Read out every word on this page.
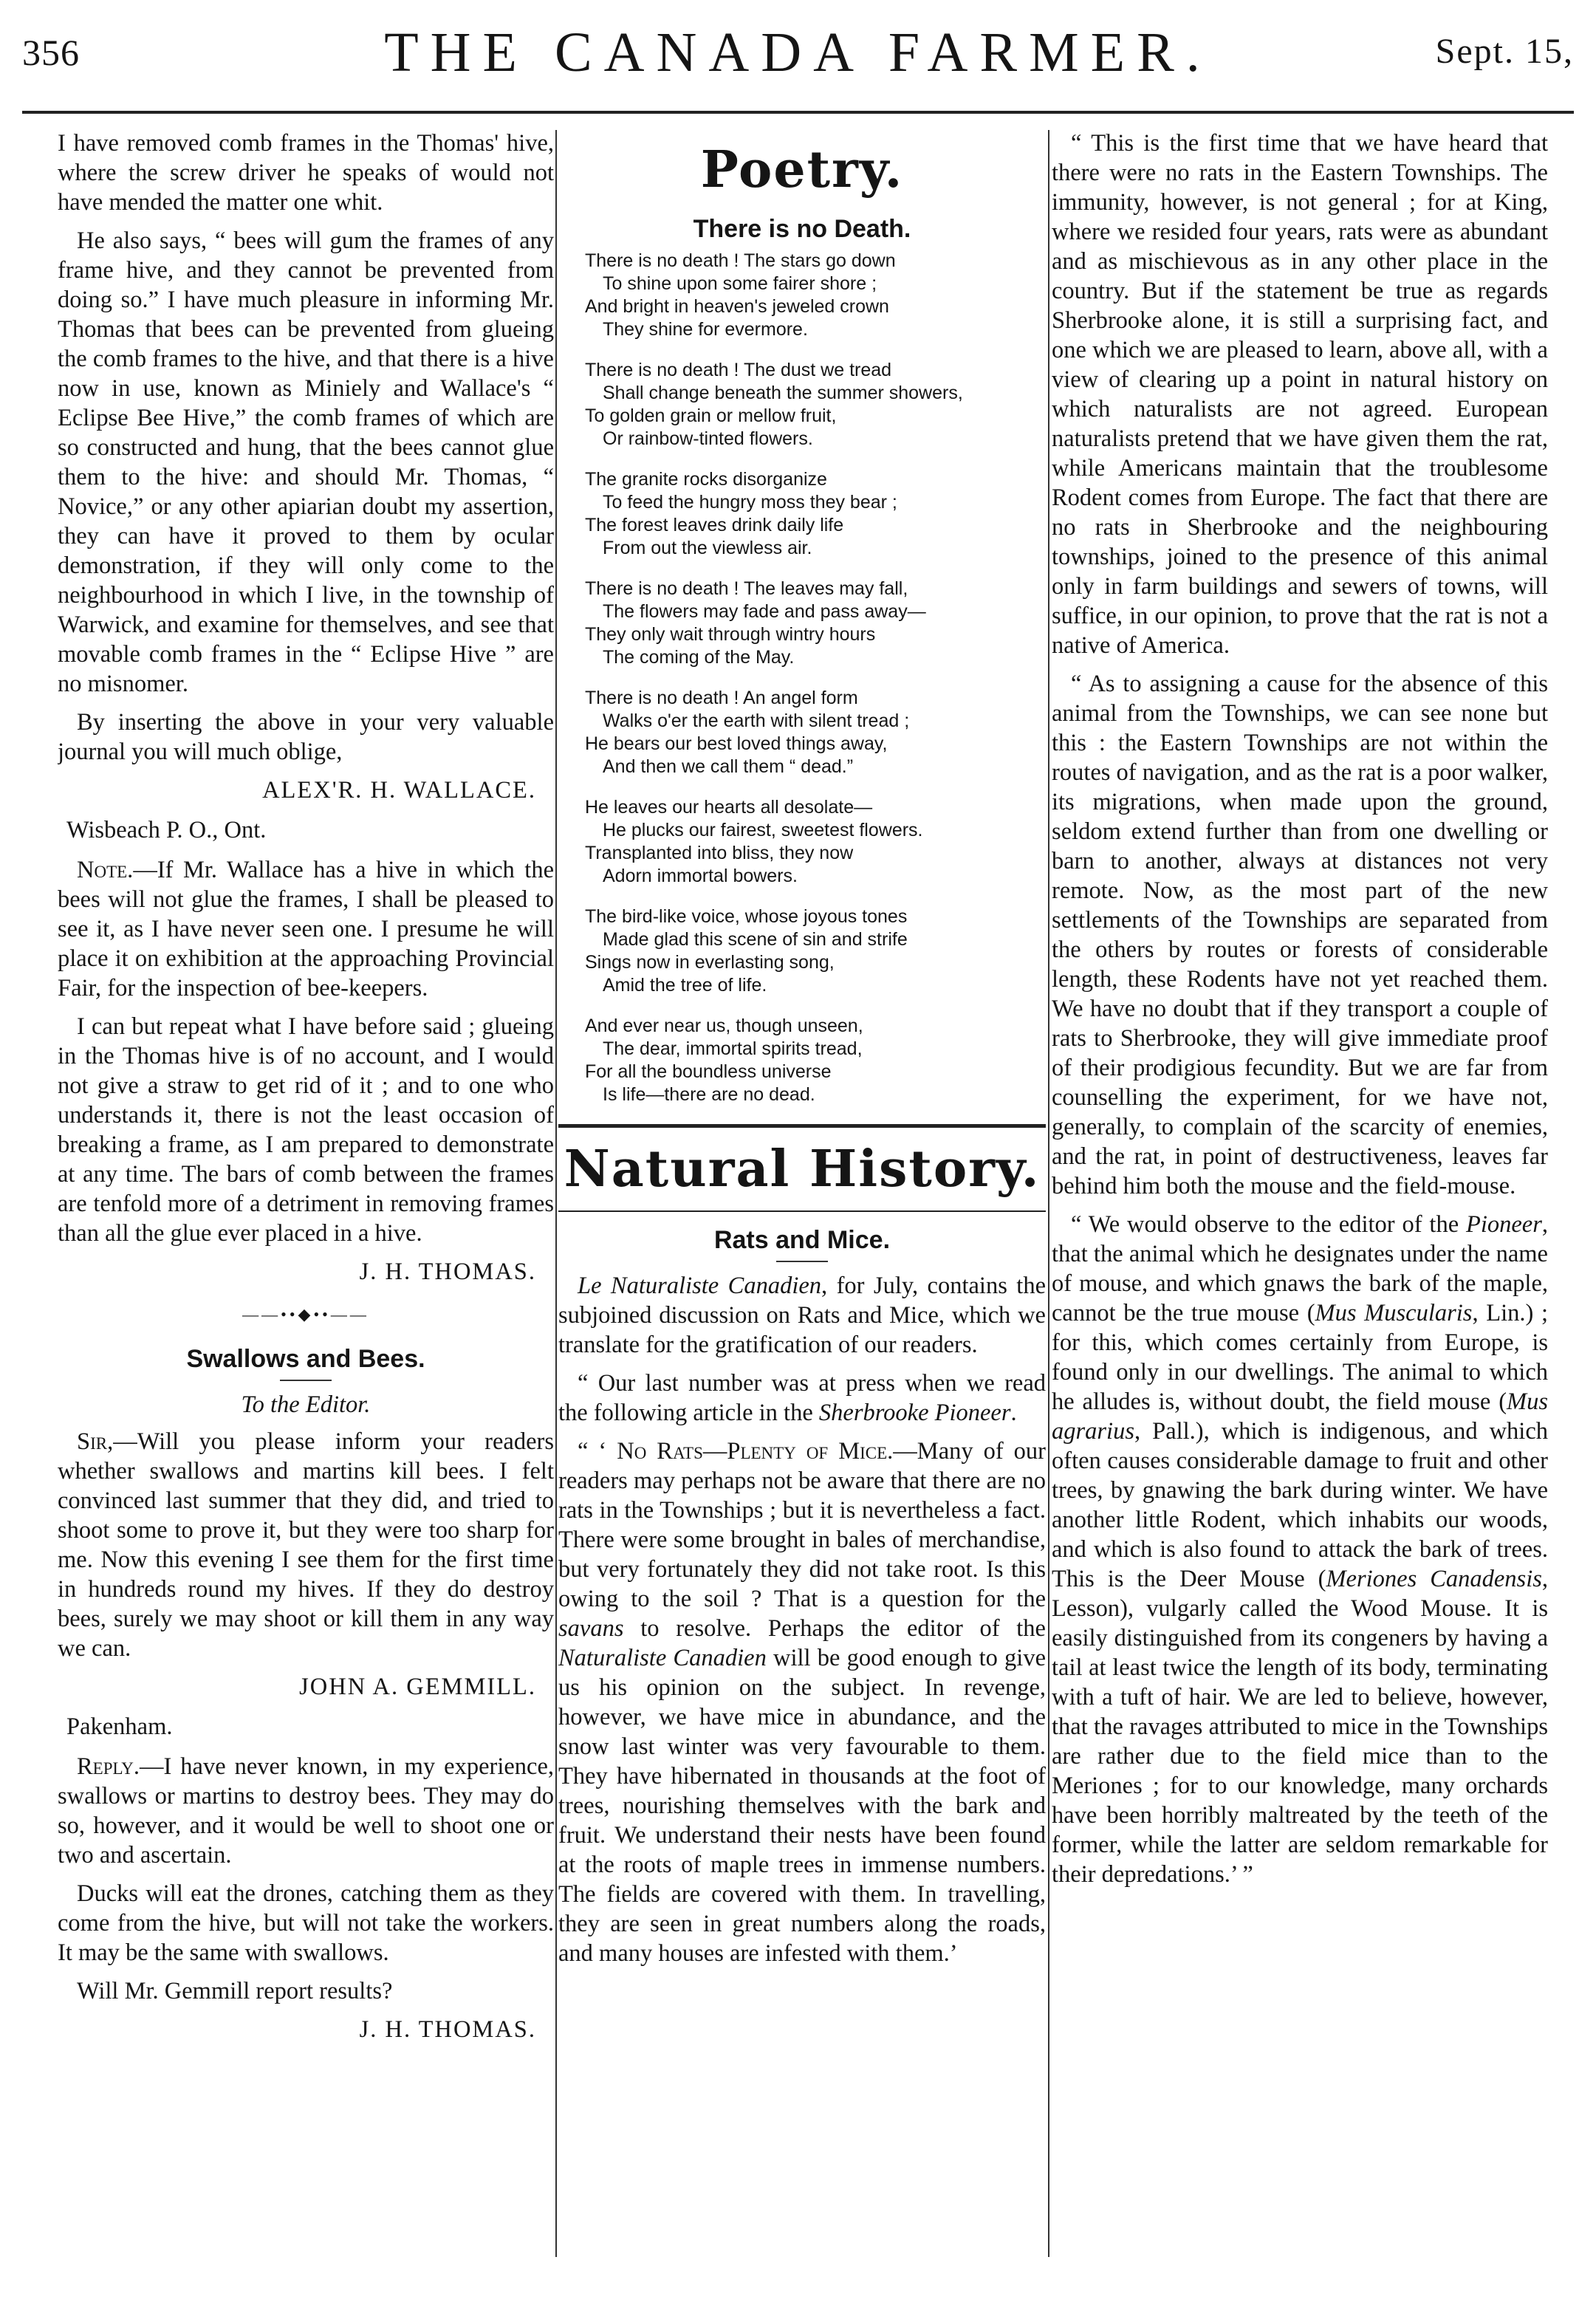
356	THE CANADA FARMER.	Sept. 15,

I have removed comb frames in the Thomas' hive, where the screw driver he speaks of would not have mended the matter one whit.

He also says, “ bees will gum the frames of any frame hive, and they cannot be prevented from doing so.” I have much pleasure in informing Mr. Thomas that bees can be prevented from glueing the comb frames to the hive, and that there is a hive now in use, known as Miniely and Wallace's “ Eclipse Bee Hive,” the comb frames of which are so constructed and hung, that the bees cannot glue them to the hive: and should Mr. Thomas, “ Novice,” or any other apiarian doubt my assertion, they can have it proved to them by ocular demonstration, if they will only come to the neighbourhood in which I live, in the township of Warwick, and examine for themselves, and see that movable comb frames in the “ Eclipse Hive ” are no misnomer.

By inserting the above in your very valuable journal you will much oblige,

ALEX'R. H. WALLACE.
Wisbeach P. O., Ont.

Note.—If Mr. Wallace has a hive in which the bees will not glue the frames, I shall be pleased to see it, as I have never seen one. I presume he will place it on exhibition at the approaching Provincial Fair, for the inspection of bee-keepers.

I can but repeat what I have before said ; glueing in the Thomas hive is of no account, and I would not give a straw to get rid of it ; and to one who understands it, there is not the least occasion of breaking a frame, as I am prepared to demonstrate at any time. The bars of comb between the frames are tenfold more of a detriment in removing frames than all the glue ever placed in a hive.

J. H. THOMAS.
——••◆••——
Swallows and Bees.
To the Editor.

Sir,—Will you please inform your readers whether swallows and martins kill bees. I felt convinced last summer that they did, and tried to shoot some to prove it, but they were too sharp for me. Now this evening I see them for the first time in hundreds round my hives. If they do destroy bees, surely we may shoot or kill them in any way we can.

JOHN A. GEMMILL.
Pakenham.

Reply.—I have never known, in my experience, swallows or martins to destroy bees. They may do so, however, and it would be well to shoot one or two and ascertain.

Ducks will eat the drones, catching them as they come from the hive, but will not take the workers. It may be the same with swallows.

Will Mr. Gemmill report results?

J. H. THOMAS.
Poetry.
There is no Death.
There is no death ! The stars go down
To shine upon some fairer shore ;
And bright in heaven's jeweled crown
They shine for evermore.
There is no death ! The dust we tread
Shall change beneath the summer showers,
To golden grain or mellow fruit,
Or rainbow-tinted flowers.
The granite rocks disorganize
To feed the hungry moss they bear ;
The forest leaves drink daily life
From out the viewless air.
There is no death ! The leaves may fall,
The flowers may fade and pass away—
They only wait through wintry hours
The coming of the May.
There is no death ! An angel form
Walks o'er the earth with silent tread ;
He bears our best loved things away,
And then we call them “ dead.”
He leaves our hearts all desolate—
He plucks our fairest, sweetest flowers.
Transplanted into bliss, they now
Adorn immortal bowers.
The bird-like voice, whose joyous tones
Made glad this scene of sin and strife
Sings now in everlasting song,
Amid the tree of life.
And ever near us, though unseen,
The dear, immortal spirits tread,
For all the boundless universe
Is life—there are no dead.
Natural History.
Rats and Mice.

Le Naturaliste Canadien, for July, contains the subjoined discussion on Rats and Mice, which we translate for the gratification of our readers.

“ Our last number was at press when we read the following article in the Sherbrooke Pioneer.

“ ‘ No Rats—Plenty of Mice.—Many of our readers may perhaps not be aware that there are no rats in the Townships ; but it is nevertheless a fact. There were some brought in bales of merchandise, but very fortunately they did not take root. Is this owing to the soil ? That is a question for the savans to resolve. Perhaps the editor of the Naturaliste Canadien will be good enough to give us his opinion on the subject. In revenge, however, we have mice in abundance, and the snow last winter was very favourable to them. They have hibernated in thousands at the foot of trees, nourishing themselves with the bark and fruit. We understand their nests have been found at the roots of maple trees in immense numbers. The fields are covered with them. In travelling, they are seen in great numbers along the roads, and many houses are infested with them.’

“ This is the first time that we have heard that there were no rats in the Eastern Townships. The immunity, however, is not general ; for at King, where we resided four years, rats were as abundant and as mischievous as in any other place in the country. But if the statement be true as regards Sherbrooke alone, it is still a surprising fact, and one which we are pleased to learn, above all, with a view of clearing up a point in natural history on which naturalists are not agreed. European naturalists pretend that we have given them the rat, while Americans maintain that the troublesome Rodent comes from Europe. The fact that there are no rats in Sherbrooke and the neighbouring townships, joined to the presence of this animal only in farm buildings and sewers of towns, will suffice, in our opinion, to prove that the rat is not a native of America.

“ As to assigning a cause for the absence of this animal from the Townships, we can see none but this : the Eastern Townships are not within the routes of navigation, and as the rat is a poor walker, its migrations, when made upon the ground, seldom extend further than from one dwelling or barn to another, always at distances not very remote. Now, as the most part of the new settlements of the Townships are separated from the others by routes or forests of considerable length, these Rodents have not yet reached them. We have no doubt that if they transport a couple of rats to Sherbrooke, they will give immediate proof of their prodigious fecundity. But we are far from counselling the experiment, for we have not, generally, to complain of the scarcity of enemies, and the rat, in point of destructiveness, leaves far behind him both the mouse and the field-mouse.

“ We would observe to the editor of the Pioneer, that the animal which he designates under the name of mouse, and which gnaws the bark of the maple, cannot be the true mouse (Mus Muscularis, Lin.) ; for this, which comes certainly from Europe, is found only in our dwellings. The animal to which he alludes is, without doubt, the field mouse (Mus agrarius, Pall.), which is indigenous, and which often causes considerable damage to fruit and other trees, by gnawing the bark during winter. We have another little Rodent, which inhabits our woods, and which is also found to attack the bark of trees. This is the Deer Mouse (Meriones Canadensis, Lesson), vulgarly called the Wood Mouse. It is easily distinguished from its congeners by having a tail at least twice the length of its body, terminating with a tuft of hair. We are led to believe, however, that the ravages attributed to mice in the Townships are rather due to the field mice than to the Meriones ; for to our knowledge, many orchards have been horribly maltreated by the teeth of the former, while the latter are seldom remarkable for their depredations.’ ”
